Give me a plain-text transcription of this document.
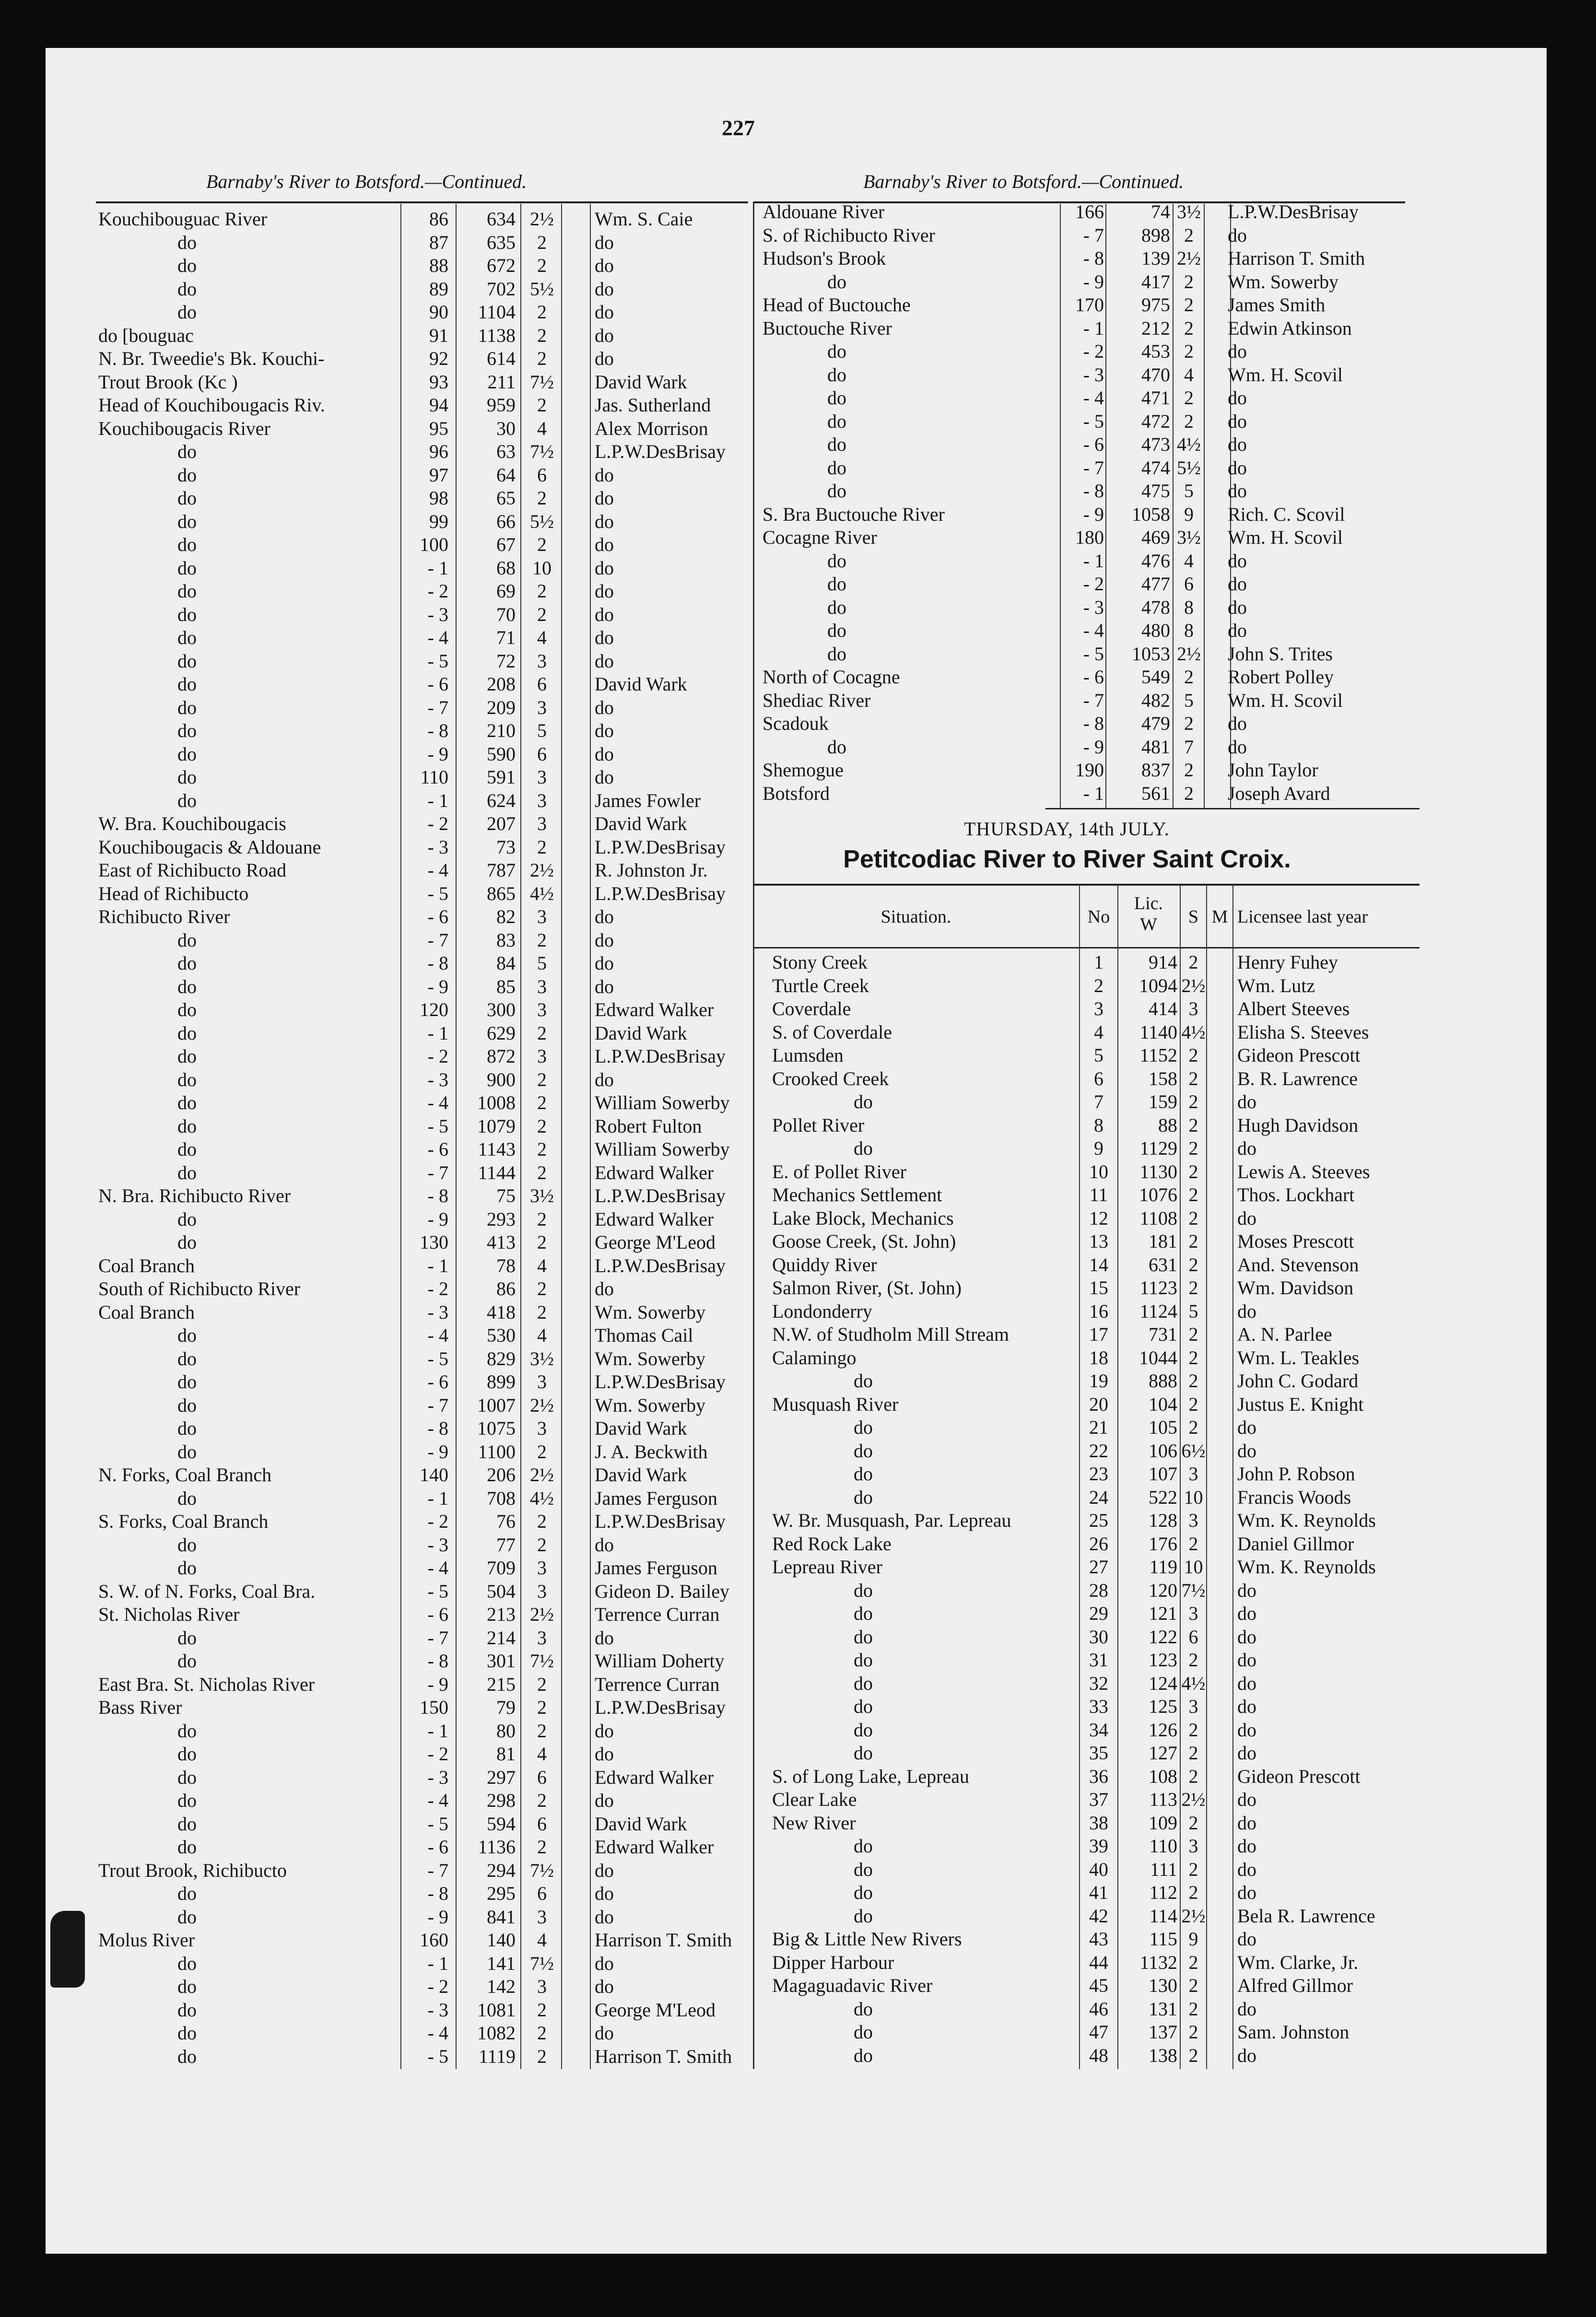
227
Barnaby's River to Botsford.—Continued.	Barnaby's River to Botsford.—Continued.
THURSDAY, 14th JULY.
Petitcodiac River to River Saint Croix.
Situation.	No
Lic. W	S M Licensee last year
Kouchibouguac River	86	634 2½	Wm. S. Caie
do	87	635	2	do
do	88	672	2	do
do	89	702 5½	do
do	90	1104	2	do
do [bouguac	91	1138	2	do
N. Br. Tweedie's Bk. Kouchi-	92	614	2	do
Trout Brook (Kc )	93	211 7½	David Wark
Head of Kouchibougacis Riv.	94	959	2	Jas. Sutherland
Kouchibougacis River	95	30	4	Alex Morrison
do	96	63 7½	L.P.W.DesBrisay
do	97	64	6	do
do	98	65	2	do
do	99	66 5½	do
do	100	67	2	do
do	- 1	68 10	do
do	- 2	69	2	do
do	- 3	70	2	do
do	- 4	71	4	do
do	- 5	72	3	do
do	- 6	208	6	David Wark
do	- 7	209	3	do
do	- 8	210	5	do
do	- 9	590	6	do
do	110	591	3	do
do	- 1	624	3	James Fowler
W. Bra. Kouchibougacis	- 2	207	3	David Wark
Kouchibougacis & Aldouane	- 3	73	2	L.P.W.DesBrisay
East of Richibucto Road	- 4	787 2½	R. Johnston Jr.
Head of Richibucto	- 5	865 4½	L.P.W.DesBrisay
Richibucto River	- 6	82	3	do
do	- 7	83	2	do
do	- 8	84	5	do
do	- 9	85	3	do
do	120	300	3	Edward Walker
do	- 1	629	2	David Wark
do	- 2	872	3	L.P.W.DesBrisay
do	- 3	900	2	do
do	- 4	1008	2	William Sowerby
do	- 5	1079	2	Robert Fulton
do	- 6	1143	2	William Sowerby
do	- 7	1144	2	Edward Walker
N. Bra. Richibucto River	- 8	75 3½	L.P.W.DesBrisay
do	- 9	293	2	Edward Walker
do	130	413	2	George M'Leod
Coal Branch	- 1	78	4	L.P.W.DesBrisay
South of Richibucto River	- 2	86	2	do
Coal Branch	- 3	418	2	Wm. Sowerby
do	- 4	530	4	Thomas Cail
do	- 5	829 3½	Wm. Sowerby
do	- 6	899	3	L.P.W.DesBrisay
do	- 7	1007 2½	Wm. Sowerby
do	- 8	1075	3	David Wark
do	- 9	1100	2	J. A. Beckwith
N. Forks, Coal Branch	140	206 2½	David Wark
do	- 1	708 4½	James Ferguson
S. Forks, Coal Branch	- 2	76	2	L.P.W.DesBrisay
do	- 3	77	2	do
do	- 4	709	3	James Ferguson
S. W. of N. Forks, Coal Bra.	- 5	504	3	Gideon D. Bailey
St. Nicholas River	- 6	213 2½	Terrence Curran
do	- 7	214	3	do
do	- 8	301 7½	William Doherty
East Bra. St. Nicholas River	- 9	215	2	Terrence Curran
Bass River	150	79	2	L.P.W.DesBrisay
do	- 1	80	2	do
do	- 2	81	4	do
do	- 3	297	6	Edward Walker
do	- 4	298	2	do
do	- 5	594	6	David Wark
do	- 6	1136	2	Edward Walker
Trout Brook, Richibucto	- 7	294 7½	do
do	- 8	295	6	do
do	- 9	841	3	do
Molus River	160	140	4	Harrison T. Smith
do	- 1	141 7½	do
do	- 2	142	3	do
do	- 3	1081	2	George M'Leod
do	- 4	1082	2	do
do	- 5	1119	2	Harrison T. Smith
Aldouane River	166	74 3½ L.P.W.DesBrisay
S. of Richibucto River	- 7	898 2	do
Hudson's Brook	- 8	139 2½ Harrison T. Smith
do	- 9	417 2	Wm. Sowerby
Head of Buctouche	170	975 2	James Smith
Buctouche River	- 1	212 2	Edwin Atkinson
do	- 2	453 2	do
do	- 3	470 4	Wm. H. Scovil
do	- 4	471 2	do
do	- 5	472 2	do
do	- 6	473 4½ do
do	- 7	474 5½ do
do	- 8	475 5	do
S. Bra Buctouche River	- 9	1058 9	Rich. C. Scovil
Cocagne River	180	469 3½ Wm. H. Scovil
do	- 1	476 4	do
do	- 2	477 6	do
do	- 3	478 8	do
do	- 4	480 8	do
do	- 5	1053 2½ John S. Trites
North of Cocagne	- 6	549 2	Robert Polley
Shediac River	- 7	482 5	Wm. H. Scovil
Scadouk	- 8	479 2	do
do	- 9	481 7	do
Shemogue	190	837 2	John Taylor
Botsford	- 1	561 2	Joseph Avard
Stony Creek	1	914 2	Henry Fuhey
Turtle Creek	2	1094 2½ Wm. Lutz
Coverdale	3	414 3	Albert Steeves
S. of Coverdale	4	1140 4½ Elisha S. Steeves
Lumsden	5	1152 2	Gideon Prescott
Crooked Creek	6	158 2	B. R. Lawrence
do	7	159 2	do
Pollet River	8	88 2	Hugh Davidson
do	9	1129 2	do
E. of Pollet River	10	1130 2	Lewis A. Steeves
Mechanics Settlement	11	1076 2	Thos. Lockhart
Lake Block, Mechanics	12	1108 2	do
Goose Creek, (St. John)	13	181 2	Moses Prescott
Quiddy River	14	631 2	And. Stevenson
Salmon River, (St. John)	15	1123 2	Wm. Davidson
Londonderry	16	1124 5	do
N.W. of Studholm Mill Stream	17	731 2	A. N. Parlee
Calamingo	18	1044 2	Wm. L. Teakles
do	19	888 2	John C. Godard
Musquash River	20	104 2	Justus E. Knight
do	21	105 2	do
do	22	106 6½ do
do	23	107 3	John P. Robson
do	24	522 10 Francis Woods
W. Br. Musquash, Par. Lepreau	25	128 3	Wm. K. Reynolds
Red Rock Lake	26	176 2	Daniel Gillmor
Lepreau River	27	119 10 Wm. K. Reynolds
do	28	120 7½ do
do	29	121 3	do
do	30	122 6	do
do	31	123 2	do
do	32	124 4½ do
do	33	125 3	do
do	34	126 2	do
do	35	127 2	do
S. of Long Lake, Lepreau	36	108 2	Gideon Prescott
Clear Lake	37	113 2½ do
New River	38	109 2	do
do	39	110 3	do
do	40	111 2	do
do	41	112 2	do
do	42	114 2½ Bela R. Lawrence
Big & Little New Rivers	43	115 9	do
Dipper Harbour	44	1132 2	Wm. Clarke, Jr.
Magaguadavic River	45	130 2	Alfred Gillmor
do	46	131 2	do
do	47	137 2	Sam. Johnston
do	48	138 2	do
